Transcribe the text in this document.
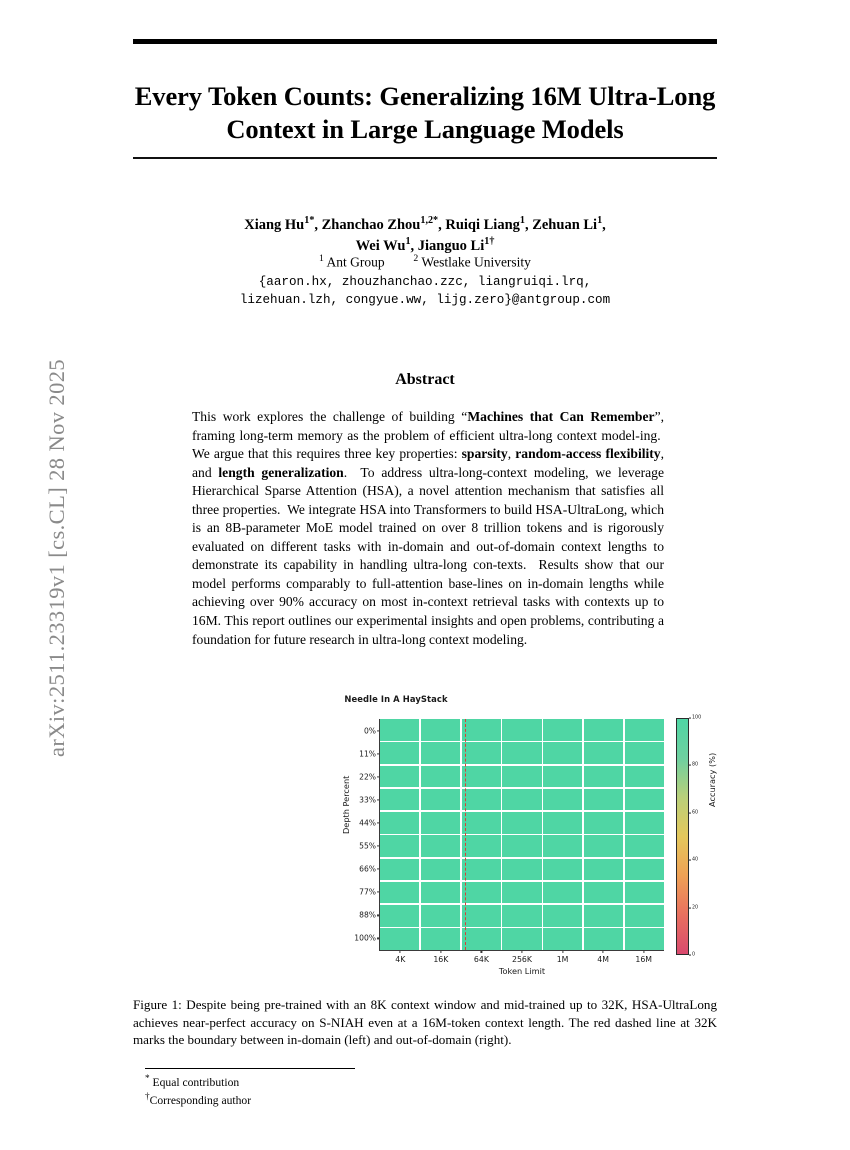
arXiv:2511.23319v1 [cs.CL] 28 Nov 2025
Every Token Counts: Generalizing 16M Ultra-Long Context in Large Language Models
Xiang $Hu^{1*}$, Zhanchao Zhou$^{1,2*}$, Ruiqi Liang$^1$, Zehuan Li$^1$,
Wei Wu$^1$, Jianguo $Li^{1\dagger}$
$^1$ Ant Group	$^2$ Westlake University
{aaron.hx, zhouzhanchao.zzc, liangruiqi.lrq,
lizehuan.lzh, congyue.ww, lijg.zero}@antgroup.com
Abstract
This work explores the challenge of building “Machines that Can Remember”, framing long-term memory as the problem of efficient ultra-long context model-ing.  We argue that this requires three key properties: sparsity, random-access flexibility, and length generalization.  To address ultra-long-context modeling, we leverage Hierarchical Sparse Attention (HSA), a novel attention mechanism that satisfies all three properties.  We integrate HSA into Transformers to build HSA-UltraLong, which is an 8B-parameter MoE model trained on over 8 trillion tokens and is rigorously evaluated on different tasks with in-domain and out-of-domain context lengths to demonstrate its capability in handling ultra-long con-texts.  Results show that our model performs comparably to full-attention base-lines on in-domain lengths while achieving over 90% accuracy on most in-context retrieval tasks with contexts up to 16M. This report outlines our experimental insights and open problems, contributing a foundation for future research in ultra-long context modeling.
Needle In A HayStack
0%
11%
22%
33%
44%
55%
66%
77%
88%
100%
4K	16K	64K	256K	1M	4M	16M
Token Limit
Depth Percent
0
20
40
60
80
100
Accuracy (%)
Figure 1: Despite being pre-trained with an 8K context window and mid-trained up to 32K, HSA-UltraLong achieves near-perfect accuracy on S-NIAH even at a 16M-token context length. The red dashed line at 32K marks the boundary between in-domain (left) and out-of-domain (right).
* Equal contribution
†Corresponding author
